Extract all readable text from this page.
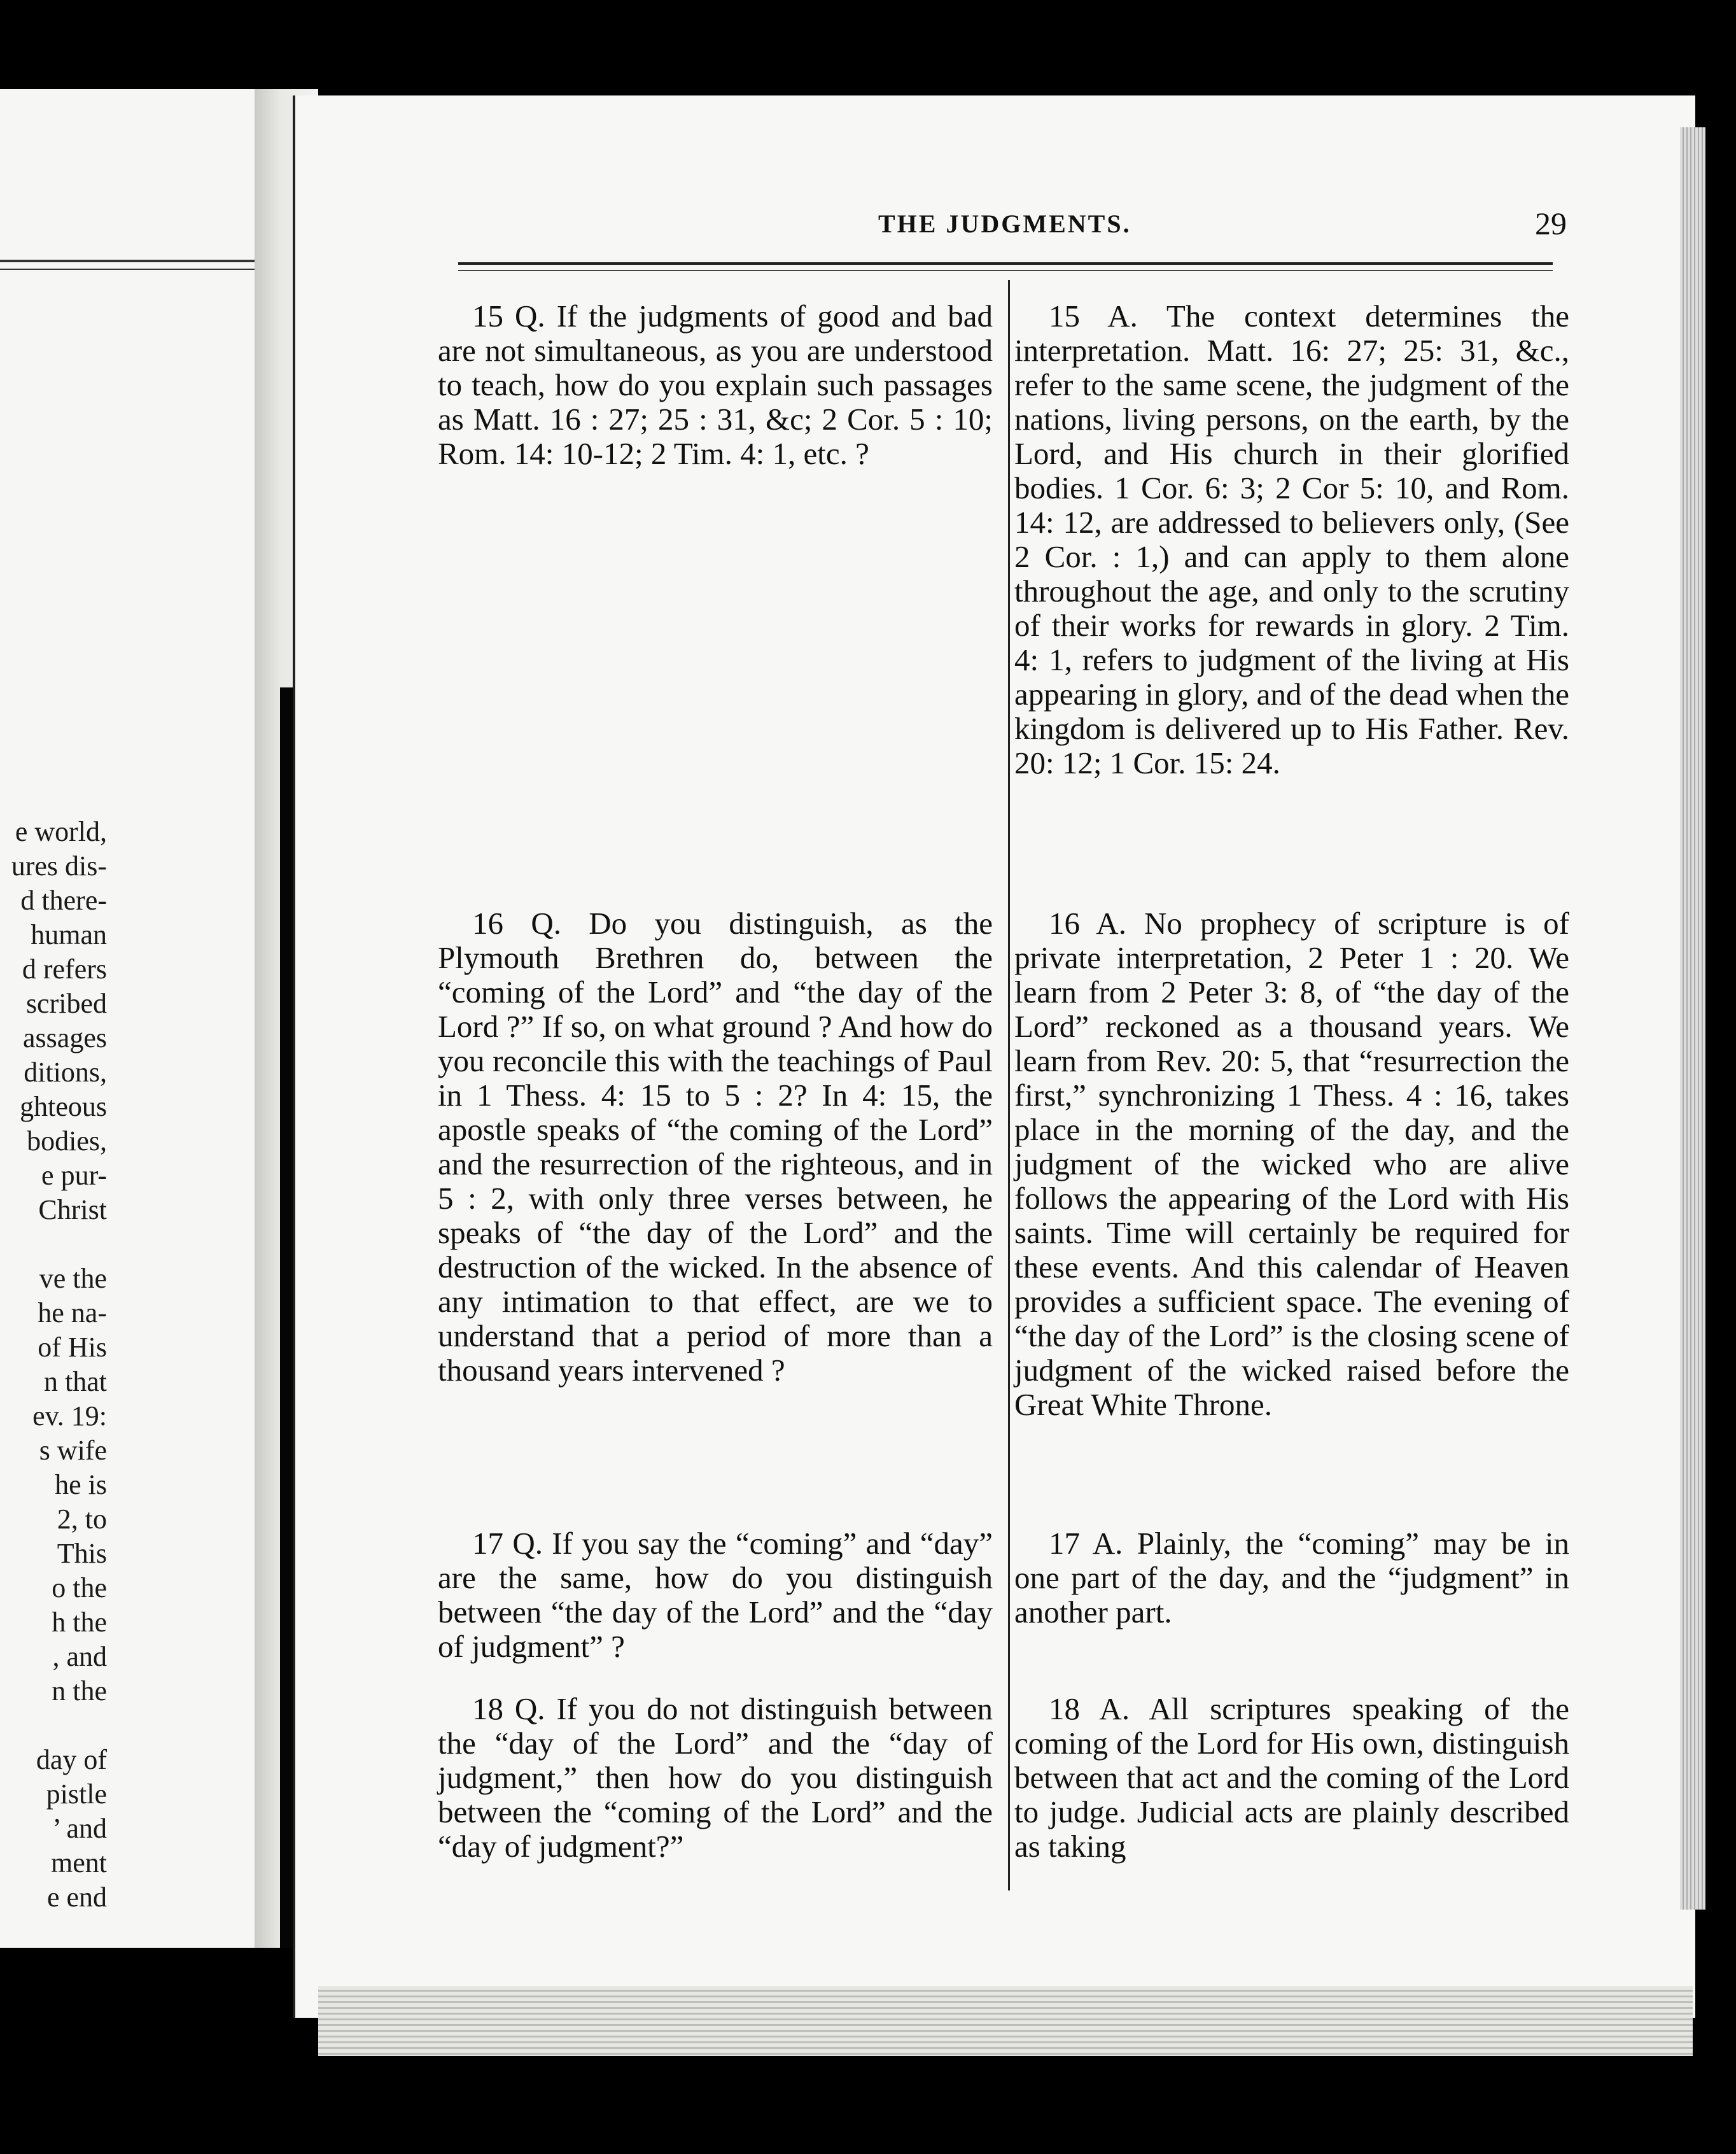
e world,
ures dis-
d there-
human
d refers
scribed
assages
ditions,
ghteous
bodies,
e pur-
Christ
ve the
he na-
of His
n that
ev. 19:
s wife
he is
2, to
This
o the
h the
, and
n the
day of
pistle
’ and
ment
e end
THE JUDGMENTS.	29

15 Q. If the judgments of good and bad are not simultaneous, as you are understood to teach, how do you explain such passages as Matt. 16 : 27; 25 : 31, &c; 2 Cor. 5 : 10; Rom. 14: 10-12; 2 Tim. 4: 1, etc. ?

15 A. The context determines the interpretation. Matt. 16: 27; 25: 31, &c., refer to the same scene, the judgment of the nations, living persons, on the earth, by the Lord, and His church in their glorified bodies. 1 Cor. 6: 3; 2 Cor 5: 10, and Rom. 14: 12, are addressed to believers only, (See 2 Cor. : 1,) and can apply to them alone throughout the age, and only to the scrutiny of their works for rewards in glory. 2 Tim. 4: 1, refers to judgment of the living at His appearing in glory, and of the dead when the kingdom is delivered up to His Father. Rev. 20: 12; 1 Cor. 15: 24.

16 Q. Do you distinguish, as the Plymouth Brethren do, between the “coming of the Lord” and “the day of the Lord ?” If so, on what ground ? And how do you reconcile this with the teachings of Paul in 1 Thess. 4: 15 to 5 : 2? In 4: 15, the apostle speaks of “the coming of the Lord” and the resurrection of the righteous, and in 5 : 2, with only three verses between, he speaks of “the day of the Lord” and the destruction of the wicked. In the absence of any intimation to that effect, are we to understand that a period of more than a thousand years intervened ?

16 A. No prophecy of scripture is of private interpretation, 2 Peter 1 : 20. We learn from 2 Peter 3: 8, of “the day of the Lord” reckoned as a thousand years. We learn from Rev. 20: 5, that “resurrection the first,” synchronizing 1 Thess. 4 : 16, takes place in the morning of the day, and the judgment of the wicked who are alive follows the appearing of the Lord with His saints. Time will certainly be required for these events. And this calendar of Heaven provides a sufficient space. The evening of “the day of the Lord” is the closing scene of judgment of the wicked raised before the Great White Throne.

17 Q. If you say the “coming” and “day” are the same, how do you distinguish between “the day of the Lord” and the “day of judgment” ?

17 A. Plainly, the “coming” may be in one part of the day, and the “judgment” in another part.

18 Q. If you do not distinguish between the “day of the Lord” and the “day of judgment,” then how do you distinguish between the “coming of the Lord” and the “day of judgment?”

18 A. All scriptures speaking of the coming of the Lord for His own, distinguish between that act and the coming of the Lord to judge. Judicial acts are plainly described as taking
